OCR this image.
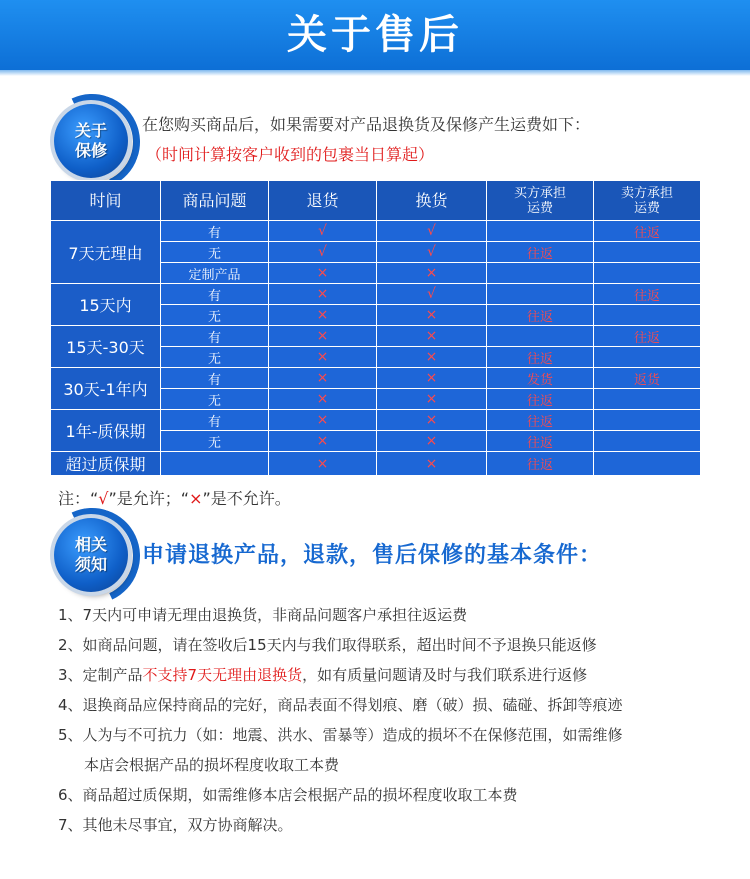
关于售后
关于
保修
在您购买商品后，如果需要对产品退换货及保修产生运费如下：
（时间计算按客户收到的包裹当日算起）
时间	商品问题	退货	换货	买方承担运费	卖方承担运费

7天无理由	有	√	√		往返
	无	√	√	往返	
	定制产品	×	×		
15天内	有	×	√		往返
	无	×	×	往返	
15天-30天	有	×	×		往返
	无	×	×	往返	
30天-1年内	有	×	×	发货	返货
	无	×	×	往返	
1年-质保期	有	×	×	往返	
	无	×	×	往返	
超过质保期		×	×	往返	
注：“√”是允许；“×”是不允许。
相关
须知 申请退换产品，退款，售后保修的基本条件：
1、7天内可申请无理由退换货，非商品问题客户承担往返运费
2、如商品问题，请在签收后15天内与我们取得联系，超出时间不予退换只能返修
3、定制产品不支持7天无理由退换货，如有质量问题请及时与我们联系进行返修
4、退换商品应保持商品的完好，商品表面不得划痕、磨（破）损、磕碰、拆卸等痕迹
5、人为与不可抗力（如：地震、洪水、雷暴等）造成的损坏不在保修范围，如需维修
本店会根据产品的损坏程度收取工本费
6、商品超过质保期，如需维修本店会根据产品的损坏程度收取工本费
7、其他未尽事宜，双方协商解决。
